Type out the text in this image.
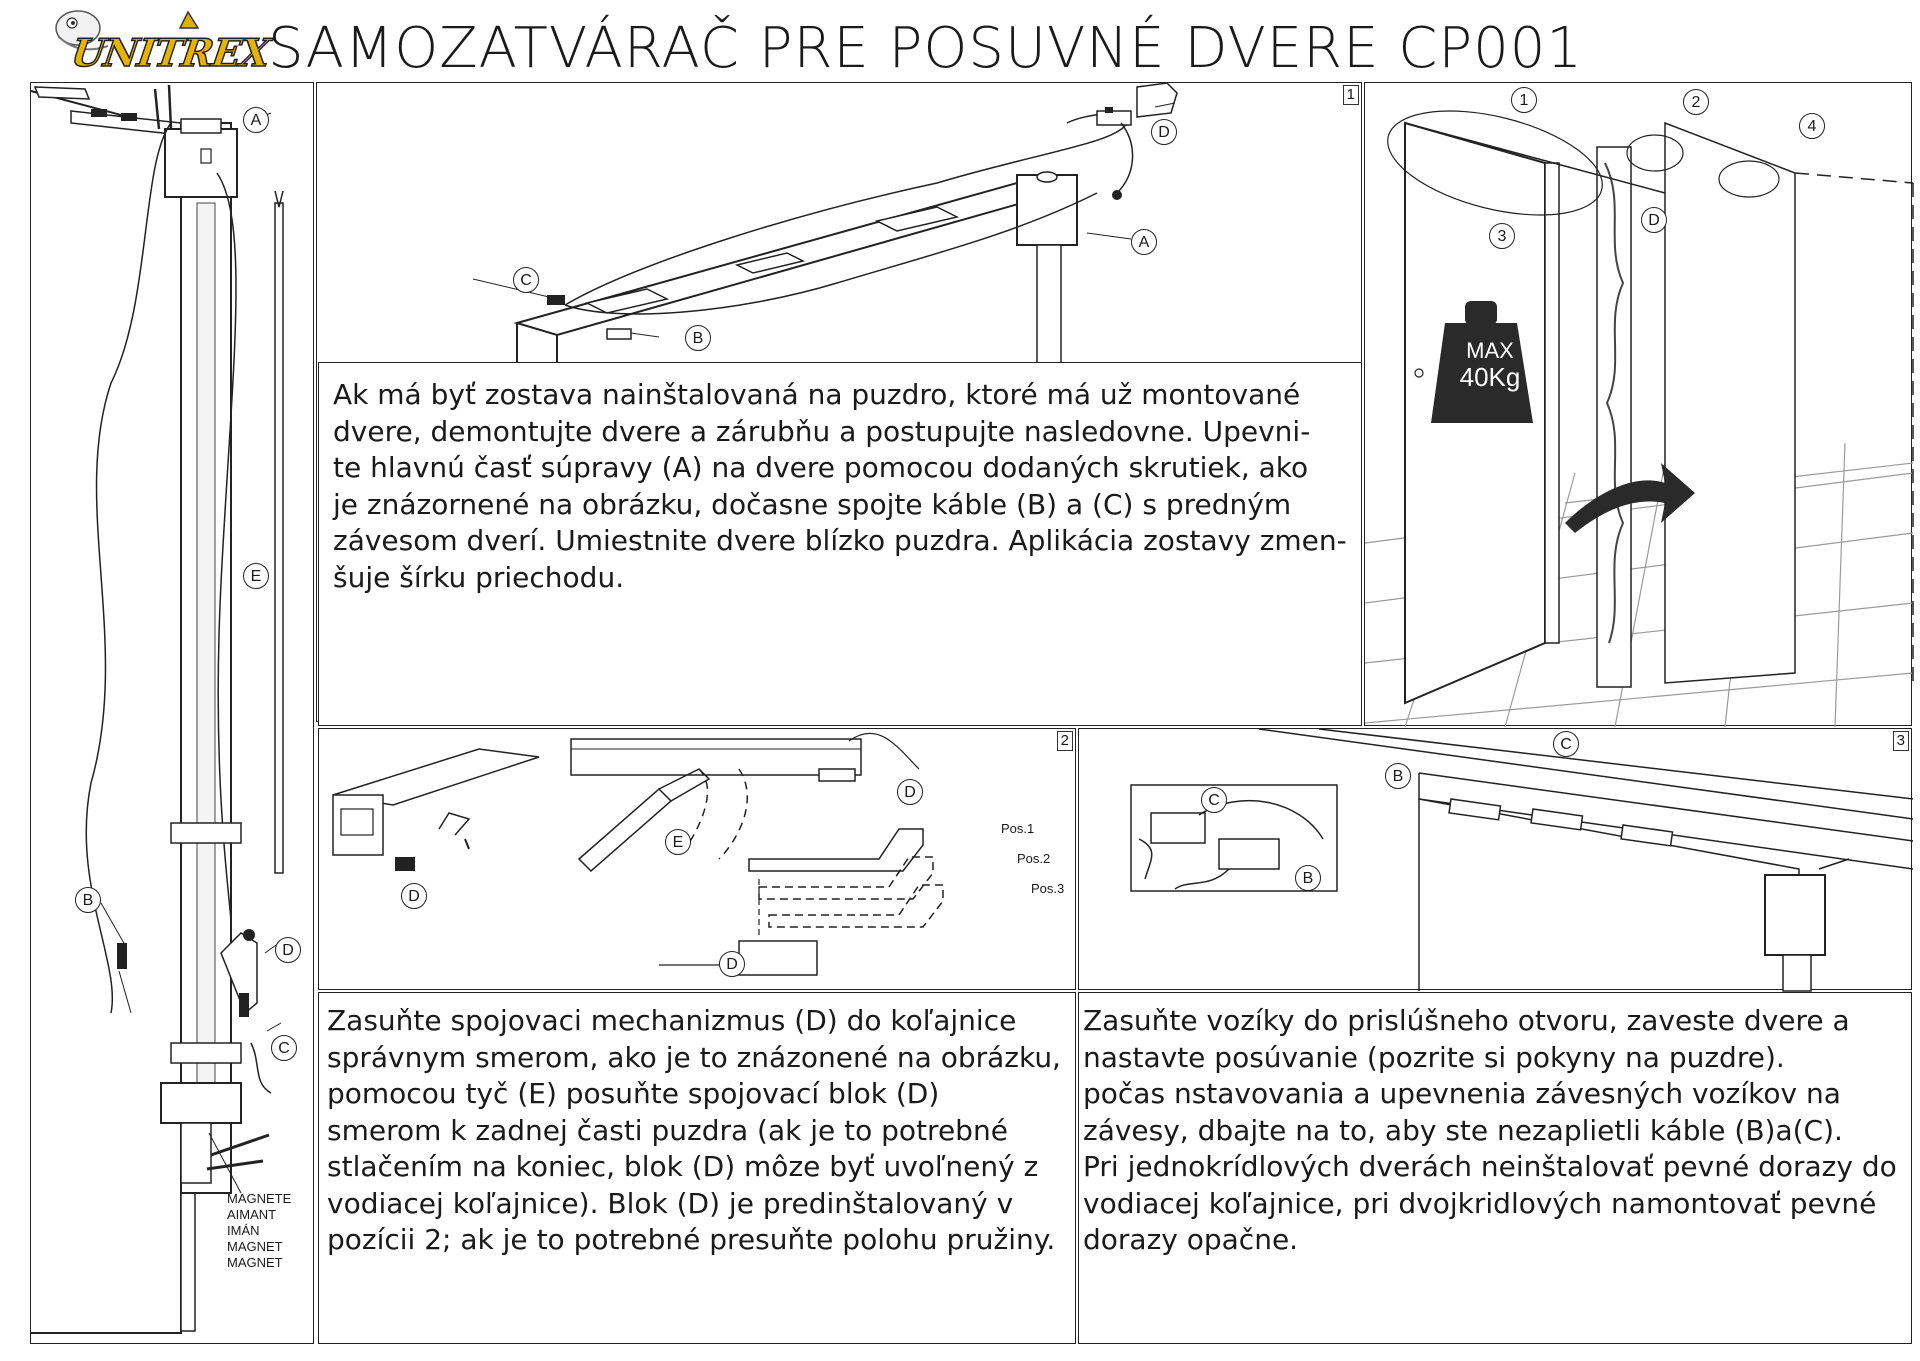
UNITREX
SAMOZATVÁRAČ PRE POSUVNÉ DVERE CP001
A
E
B
D
C
MAGNETE
AIMANT
IMÁN
MAGNET
MAGNET
1
D
A
C
B

Ak má byť zostava nainštalovaná na puzdro, ktoré má už montované

dvere, demontujte dvere a zárubňu a postupujte nasledovne. Upevni-

te hlavnú časť súpravy (A) na dvere pomocou dodaných skrutiek, ako

je znázornené na obrázku, dočasne spojte káble (B) a (C) s predným

závesom dverí. Umiestnite dvere blízko puzdra. Aplikácia zostavy zmen-

šuje šírku priechodu.

1	2
4
3
D
MAX
40Kg
2
D
E
D
D
Pos.1
Pos.2
Pos.3
3
C
B
C
B

Zasuňte spojovaci mechanizmus (D) do koľajnice

správnym smerom, ako je to znázonené na obrázku,

pomocou tyč (E) posuňte spojovací blok (D)

smerom k zadnej časti puzdra (ak je to potrebné

stlačením na koniec, blok (D) môze byť uvoľnený z

vodiacej koľajnice). Blok (D) je predinštalovaný v

pozícii 2; ak je to potrebné presuňte polohu pružiny.

Zasuňte vozíky do prislúšneho otvoru, zaveste dvere a

nastavte posúvanie (pozrite si pokyny na puzdre).

počas nstavovania a upevnenia závesných vozíkov na

závesy, dbajte na to, aby ste nezaplietli káble (B)a(C).

Pri jednokrídlových dverách neinštalovať pevné dorazy do

vodiacej koľajnice, pri dvojkridlových namontovať pevné

dorazy opačne.
